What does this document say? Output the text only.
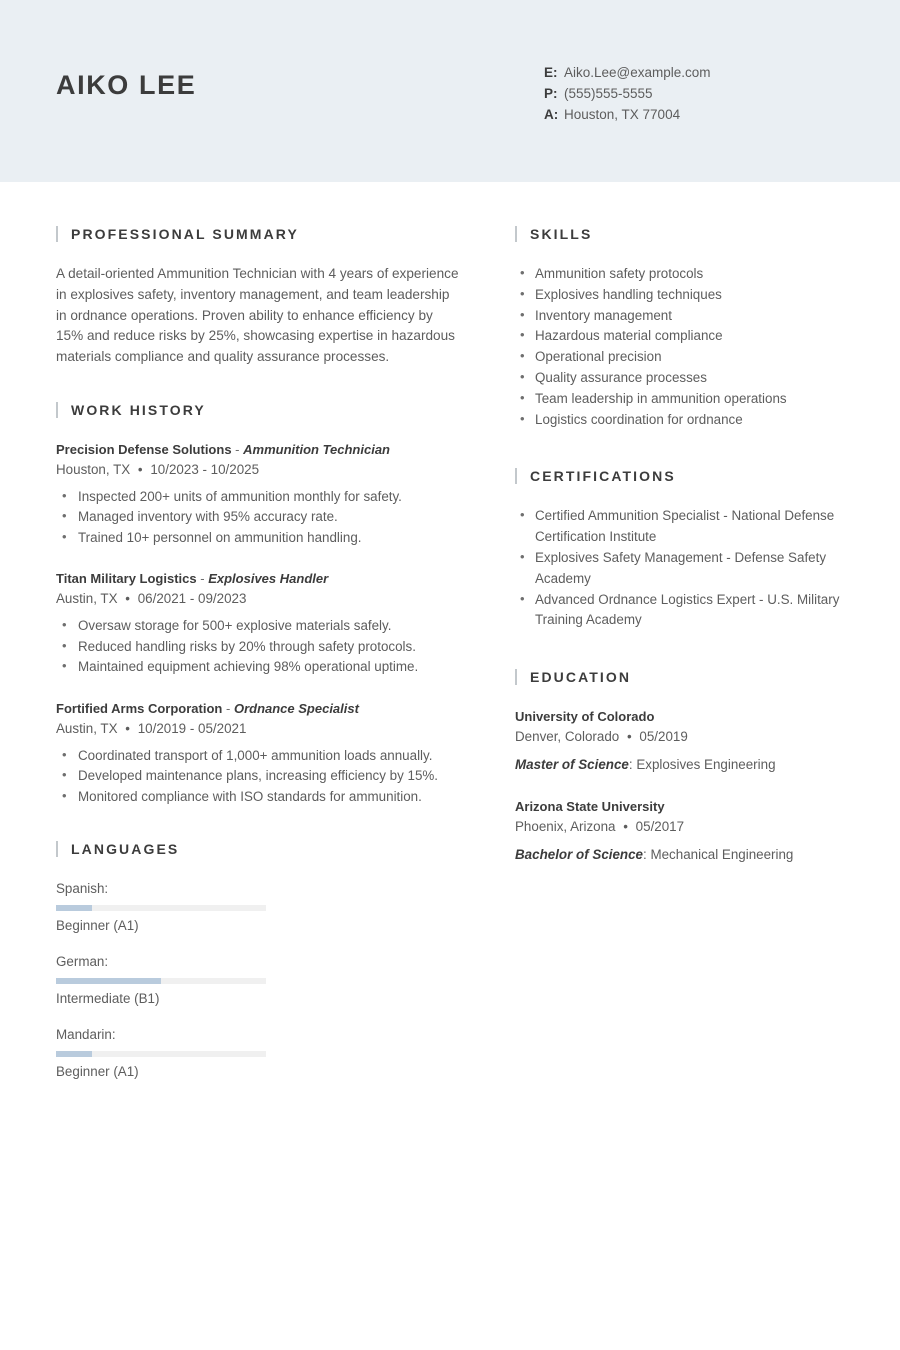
AIKO LEE	E: Aiko.Lee@example.com
P: (555)555-5555
A: Houston, TX 77004
PROFESSIONAL SUMMARY
A detail-oriented Ammunition Technician with 4 years of experience in explosives safety, inventory management, and team leadership in ordnance operations. Proven ability to enhance efficiency by 15% and reduce risks by 25%, showcasing expertise in hazardous materials compliance and quality assurance processes.
WORK HISTORY
Precision Defense Solutions - Ammunition Technician
Houston, TX • 10/2023 - 10/2025
• Inspected 200+ units of ammunition monthly for safety.
• Managed inventory with 95% accuracy rate.
• Trained 10+ personnel on ammunition handling.
Titan Military Logistics - Explosives Handler
Austin, TX • 06/2021 - 09/2023
• Oversaw storage for 500+ explosive materials safely.
• Reduced handling risks by 20% through safety protocols.
• Maintained equipment achieving 98% operational uptime.
Fortified Arms Corporation - Ordnance Specialist
Austin, TX • 10/2019 - 05/2021
• Coordinated transport of 1,000+ ammunition loads annually.
• Developed maintenance plans, increasing efficiency by 15%.
• Monitored compliance with ISO standards for ammunition.
LANGUAGES
Spanish:
Beginner (A1)
German:
Intermediate (B1)
Mandarin:
Beginner (A1)
SKILLS
• Ammunition safety protocols
• Explosives handling techniques
• Inventory management
• Hazardous material compliance
• Operational precision
• Quality assurance processes
• Team leadership in ammunition operations
• Logistics coordination for ordnance
CERTIFICATIONS
• Certified Ammunition Specialist - National Defense Certification Institute
• Explosives Safety Management - Defense Safety Academy
• Advanced Ordnance Logistics Expert - U.S. Military Training Academy
EDUCATION
University of Colorado
Denver, Colorado • 05/2019
Master of Science: Explosives Engineering
Arizona State University
Phoenix, Arizona • 05/2017
Bachelor of Science: Mechanical Engineering
